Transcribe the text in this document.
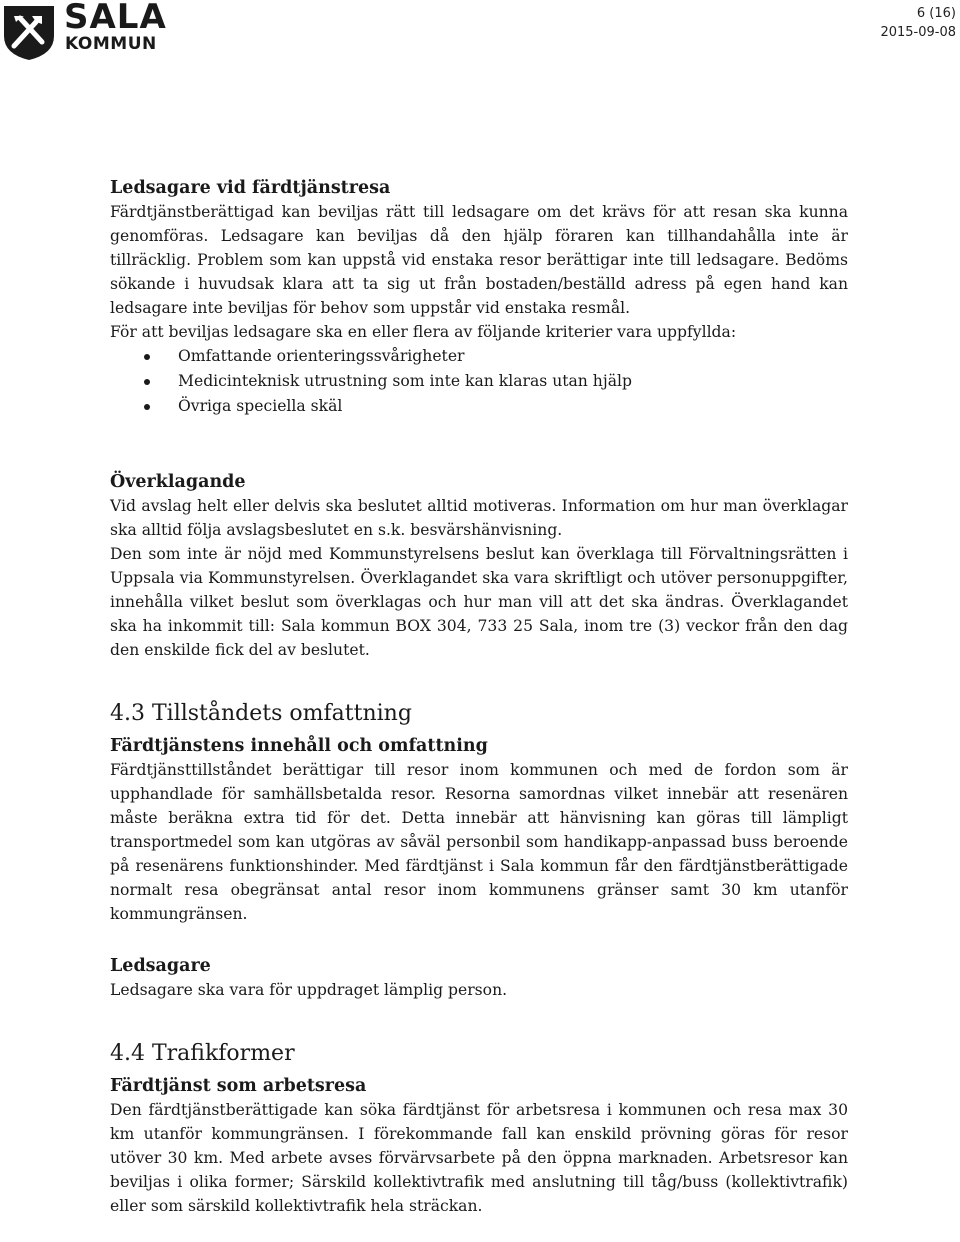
SALA
KOMMUN
6 (16)
2015-09-08
Ledsagare vid färdtjänstresa

Färdtjänstberättigad kan beviljas rätt till ledsagare om det krävs för att resan ska kunna genomföras. Ledsagare kan beviljas då den hjälp föraren kan tillhandahålla inte är tillräcklig. Problem som kan uppstå vid enstaka resor berättigar inte till ledsagare. Bedöms sökande i huvudsak klara att ta sig ut från bostaden/beställd adress på egen hand kan ledsagare inte beviljas för behov som uppstår vid enstaka resmål.

För att beviljas ledsagare ska en eller flera av följande kriterier vara uppfyllda:

Omfattande orienteringssvårigheter
Medicinteknisk utrustning som inte kan klaras utan hjälp
Övriga speciella skäl
Överklagande

Vid avslag helt eller delvis ska beslutet alltid motiveras. Information om hur man överklagar ska alltid följa avslagsbeslutet en s.k. besvärshänvisning.

Den som inte är nöjd med Kommunstyrelsens beslut kan överklaga till Förvaltningsrätten i Uppsala via Kommunstyrelsen. Överklagandet ska vara skriftligt och utöver personuppgifter, innehålla vilket beslut som överklagas och hur man vill att det ska ändras. Överklagandet ska ha inkommit till: Sala kommun BOX 304, 733 25 Sala, inom tre (3) veckor från den dag den enskilde fick del av beslutet.

4.3 Tillståndets omfattning
Färdtjänstens innehåll och omfattning

Färdtjänsttillståndet berättigar till resor inom kommunen och med de fordon som är upphandlade för samhällsbetalda resor. Resorna samordnas vilket innebär att resenären måste beräkna extra tid för det. Detta innebär att hänvisning kan göras till lämpligt transportmedel som kan utgöras av såväl personbil som handikapp-anpassad buss beroende på resenärens funktionshinder. Med färdtjänst i Sala kommun får den färdtjänstberättigade normalt resa obegränsat antal resor inom kommunens gränser samt 30 km utanför kommungränsen.

Ledsagare

Ledsagare ska vara för uppdraget lämplig person.

4.4 Trafikformer
Färdtjänst som arbetsresa

Den färdtjänstberättigade kan söka färdtjänst för arbetsresa i kommunen och resa max 30 km utanför kommungränsen. I förekommande fall kan enskild prövning göras för resor utöver 30 km. Med arbete avses förvärvsarbete på den öppna marknaden. Arbetsresor kan beviljas i olika former; Särskild kollektivtrafik med anslutning till tåg/buss (kollektivtrafik) eller som särskild kollektivtrafik hela sträckan.
